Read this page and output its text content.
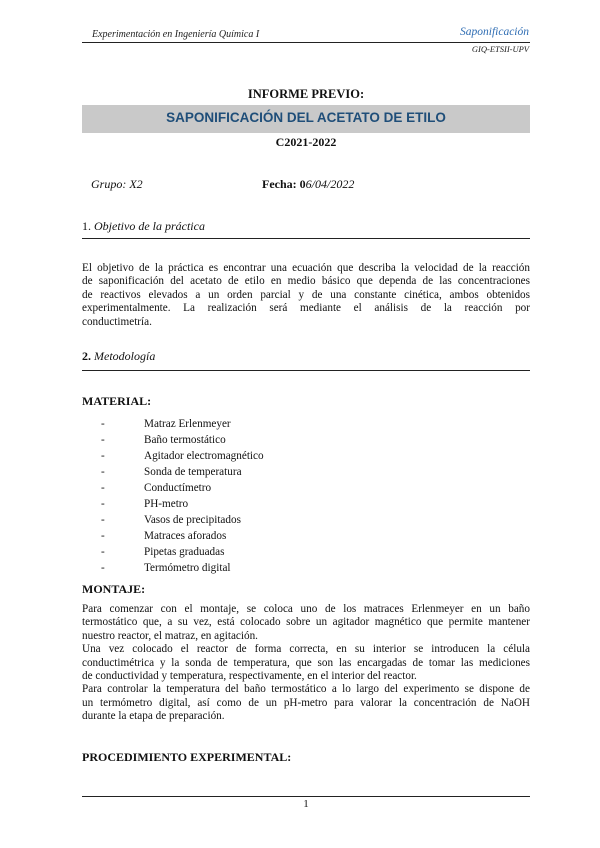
Experimentación en Ingeniería Química I	Saponificación
GIQ-ETSII-UPV
INFORME PREVIO:
SAPONIFICACIÓN DEL ACETATO DE ETILO
C2021-2022
Grupo: X2	Fecha: 06/04/2022
1. Objetivo de la práctica
El objetivo de la práctica es encontrar una ecuación que describa la velocidad de la reacción
de saponificación del acetato de etilo en medio básico que dependa de las concentraciones
de reactivos elevados a un orden parcial y de una constante cinética, ambos obtenidos
experimentalmente. La realización será mediante el análisis de la reacción por
conductimetría.
2. Metodología
MATERIAL:
-	Matraz Erlenmeyer
-	Baño termostático
-	Agitador electromagnético
-	Sonda de temperatura
-	Conductímetro
-	PH-metro
-	Vasos de precipitados
-	Matraces aforados
-	Pipetas graduadas
-	Termómetro digital
MONTAJE:
Para comenzar con el montaje, se coloca uno de los matraces Erlenmeyer en un baño
termostático que, a su vez, está colocado sobre un agitador magnético que permite mantener
nuestro reactor, el matraz, en agitación.
Una vez colocado el reactor de forma correcta, en su interior se introducen la célula
conductimétrica y la sonda de temperatura, que son las encargadas de tomar las mediciones
de conductividad y temperatura, respectivamente, en el interior del reactor.
Para controlar la temperatura del baño termostático a lo largo del experimento se dispone de
un termómetro digital, así como de un pH-metro para valorar la concentración de NaOH
durante la etapa de preparación.
PROCEDIMIENTO EXPERIMENTAL:
1
